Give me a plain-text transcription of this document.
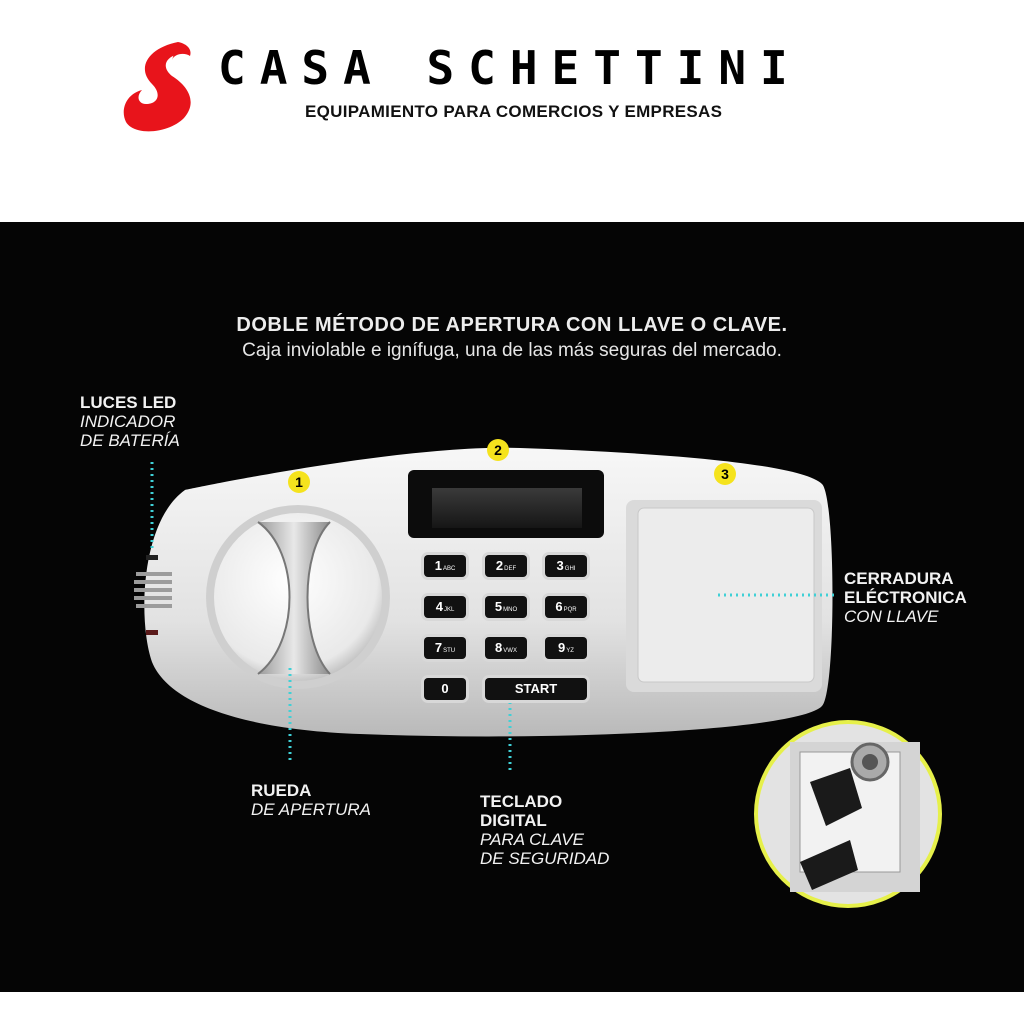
CASA SCHETTINI
EQUIPAMIENTO PARA COMERCIOS Y EMPRESAS
DOBLE MÉTODO DE APERTURA CON LLAVE O CLAVE.
Caja inviolable e ignífuga, una de las más seguras del mercado.
1
2
3
1ABC	2DEF	3GHI
4JKL	5MNO	6PQR
7STU	8VWX	9YZ
0	START
LUCES LED
INDICADOR
DE BATERÍA
RUEDA
DE APERTURA	TECLADO
DIGITAL
PARA CLAVE
DE SEGURIDAD
CERRADURA
ELÉCTRONICA
CON LLAVE
